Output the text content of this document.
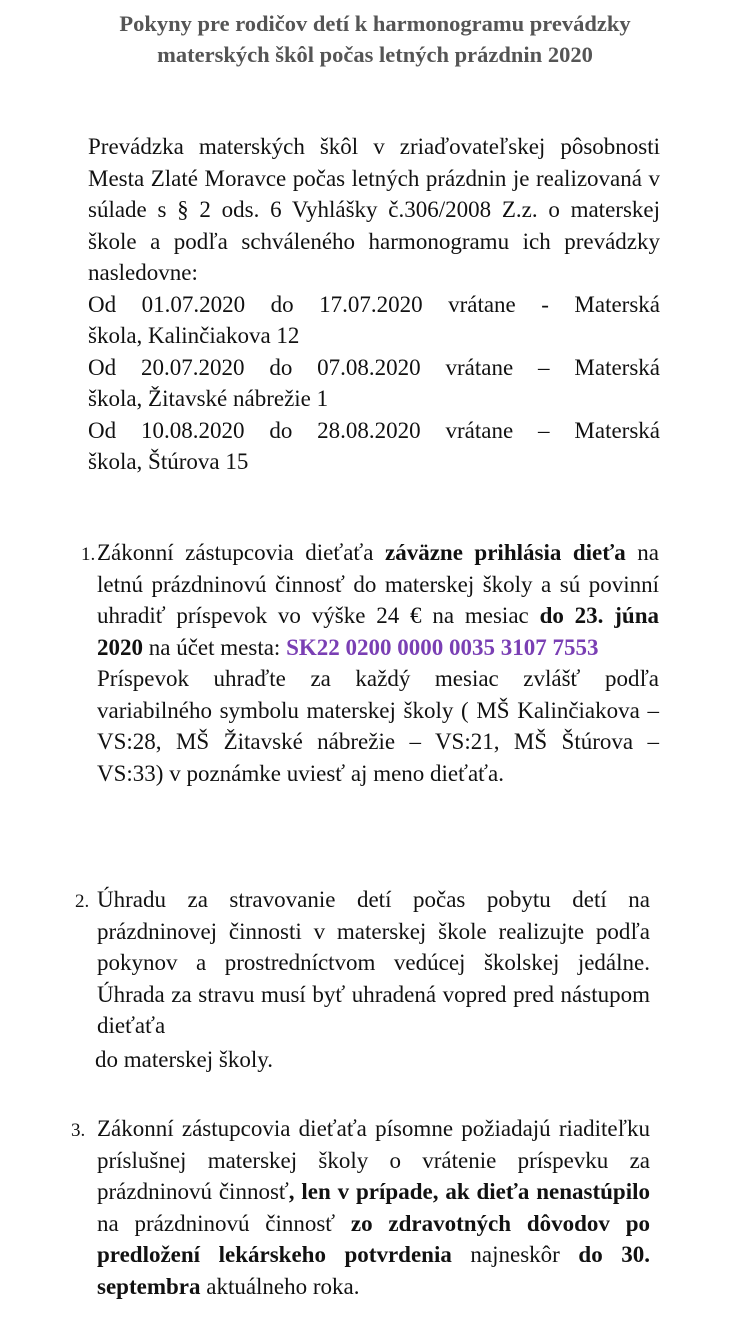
Pokyny pre rodičov detí k harmonogramu prevádzky materských škôl počas letných prázdnin 2020

Prevádzka materských škôl v zriaďovateľskej pôsobnosti Mesta Zlaté Moravce počas letných prázdnin je realizovaná v súlade s § 2 ods. 6 Vyhlášky č.306/2008 Z.z. o materskej škole a podľa schváleného harmonogramu ich prevádzky nasledovne:

Od 01.07.2020 do 17.07.2020 vrátane - Materská
škola, Kalinčiakova 12

Od 20.07.2020 do 07.08.2020 vrátane – Materská
škola, Žitavské nábrežie 1

Od 10.08.2020 do 28.08.2020 vrátane – Materská
škola, Štúrova 15

1. Zákonní zástupcovia dieťaťa záväzne prihlásia dieťa na letnú prázdninovú činnosť do materskej školy a sú povinní uhradiť príspevok vo výške 24 € na mesiac do 23. júna 2020 na účet mesta: SK22 0200 0000 0035 3107 7553

Príspevok uhraďte za každý mesiac zvlášť podľa variabilného symbolu materskej školy ( MŠ Kalinčiakova – VS:28, MŠ Žitavské nábrežie – VS:21, MŠ Štúrova – VS:33) v poznámke uviesť aj meno dieťaťa.

2. Úhradu za stravovanie detí počas pobytu detí na prázdninovej činnosti v materskej škole realizujte podľa pokynov a prostredníctvom vedúcej školskej jedálne. Úhrada za stravu musí byť uhradená vopred pred nástupom dieťaťa

do materskej školy.

3. Zákonní zástupcovia dieťaťa písomne požiadajú riaditeľku príslušnej materskej školy o vrátenie príspevku za prázdninovú činnosť, len v prípade, ak dieťa nenastúpilo na prázdninovú činnosť zo zdravotných dôvodov po predložení lekárskeho potvrdenia najneskôr do 30. septembra aktuálneho roka.
